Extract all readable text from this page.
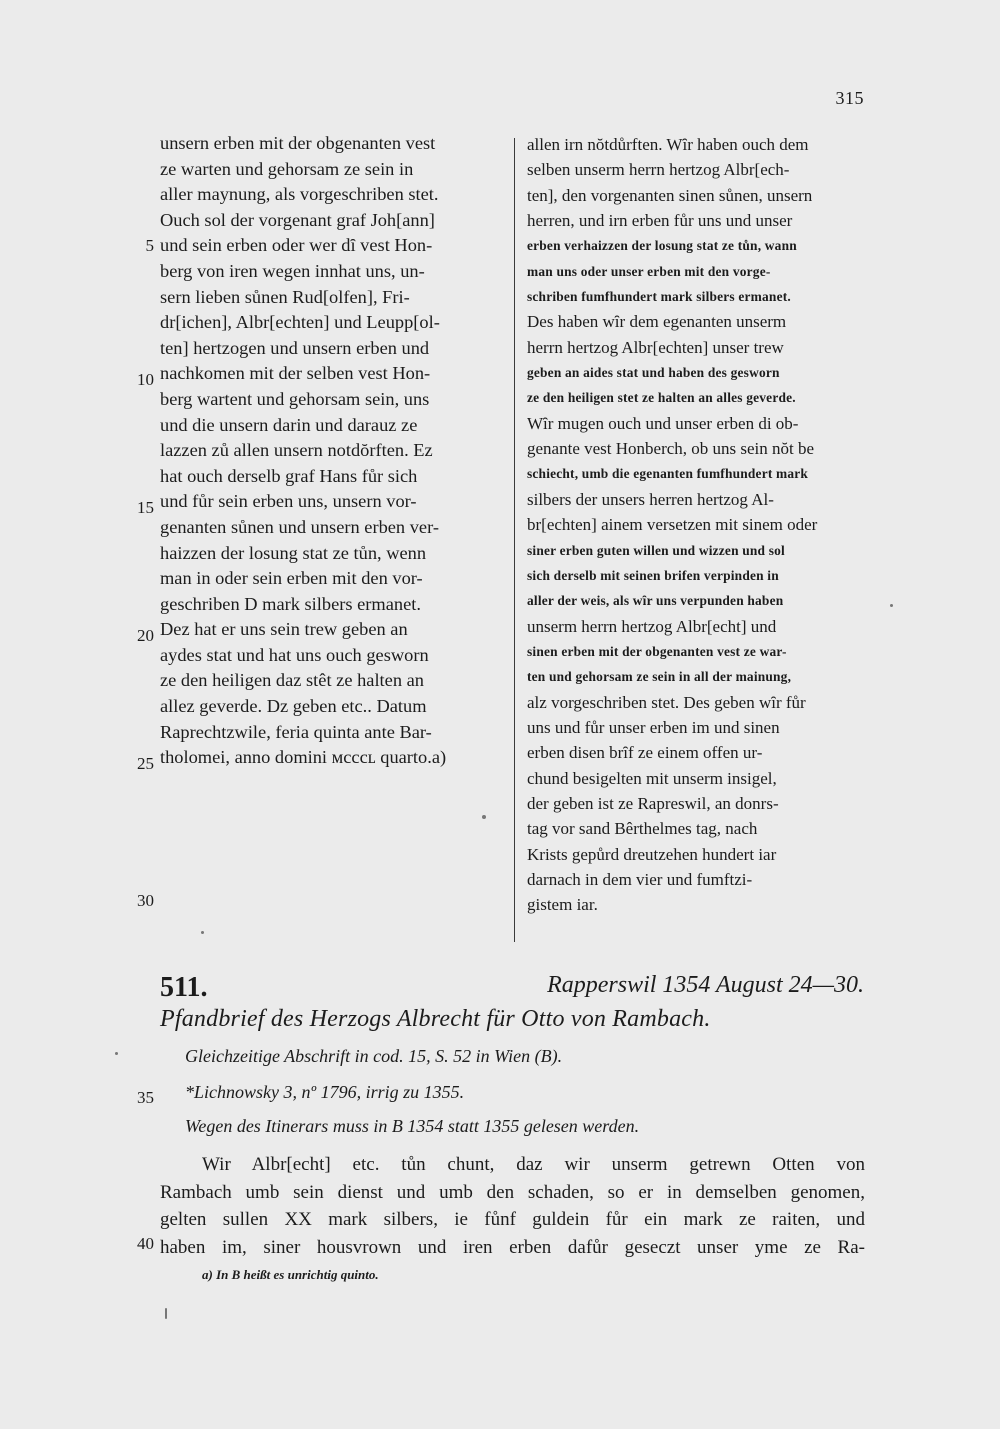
315
unsern erben mit der obgenanten vest
ze warten und gehorsam ze sein in
aller maynung, als vorgeschriben stet.
Ouch sol der vorgenant graf Joh[ann]
und sein erben oder wer dȋ vest Hon-
berg von iren wegen innhat uns, un-
sern lieben sůnen Rud[olfen], Fri-
dr[ichen], Albr[echten] und Leupp[ol-
ten] hertzogen und unsern erben und
nachkomen mit der selben vest Hon-
berg wartent und gehorsam sein, uns
und die unsern darin und darauz ze
lazzen zů allen unsern notdŏrften. Ez
hat ouch derselb graf Hans fůr sich
und fůr sein erben uns, unsern vor-
genanten sůnen und unsern erben ver-
haizzen der losung stat ze tůn, wenn
man in oder sein erben mit den vor-
geschriben D mark silbers ermanet.
Dez hat er uns sein trew geben an
aydes stat und hat uns ouch gesworn
ze den heiligen daz stêt ze halten an
allez geverde. Dz geben etc.. Datum
Raprechtzwile, feria quinta ante Bar-
tholomei, anno domini ᴍcccʟ quarto.a)
allen irn nŏtdůrften. Wȋr haben ouch dem
selben unserm herrn hertzog Albr[ech-
ten], den vorgenanten sinen sůnen, unsern
herren, und irn erben fůr uns und unser
erben verhaizzen der losung stat ze tůn, wann
man uns oder unser erben mit den vorge-
schriben fumfhundert mark silbers ermanet.
Des haben wȋr dem egenanten unserm
herrn hertzog Albr[echten] unser trew
geben an aides stat und haben des gesworn
ze den heiligen stet ze halten an alles geverde.
Wȋr mugen ouch und unser erben di ob-
genante vest Honberch, ob uns sein nŏt be
schiecht, umb die egenanten fumfhundert mark
silbers der unsers herren hertzog Al-
br[echten] ainem versetzen mit sinem oder
siner erben guten willen und wizzen und sol
sich derselb mit seinen brifen verpinden in
aller der weis, als wȋr uns verpunden haben
unserm herrn hertzog Albr[echt] und
sinen erben mit der obgenanten vest ze war-
ten und gehorsam ze sein in all der mainung,
alz vorgeschriben stet. Des geben wȋr fůr
uns und fůr unser erben im und sinen
erben disen brȋf ze einem offen ur-
chund besigelten mit unserm insigel,
der geben ist ze Rapreswil, an donrs-
tag vor sand Bêrthelmes tag, nach
Krists gepůrd dreutzehen hundert iar
darnach in dem vier und fumftzi-
gistem iar.
5
10
15
20
25
30
35
40
511.	Rapperswil 1354 August 24—30.
Pfandbrief des Herzogs Albrecht für Otto von Rambach.
Gleichzeitige Abschrift in cod. 15, S. 52 in Wien (B).
*Lichnowsky 3, nº 1796, irrig zu 1355.
Wegen des Itinerars muss in B 1354 statt 1355 gelesen werden.
Wir Albr[echt] etc. tůn chunt, daz wir unserm getrewn Otten von
Rambach umb sein dienst und umb den schaden, so er in demselben genomen,
gelten sullen XX mark silbers, ie fůnf guldein fůr ein mark ze raiten, und
haben im, siner housvrown und iren erben dafůr geseczt unser yme ze Ra-
a) In B heißt es unrichtig quinto.
